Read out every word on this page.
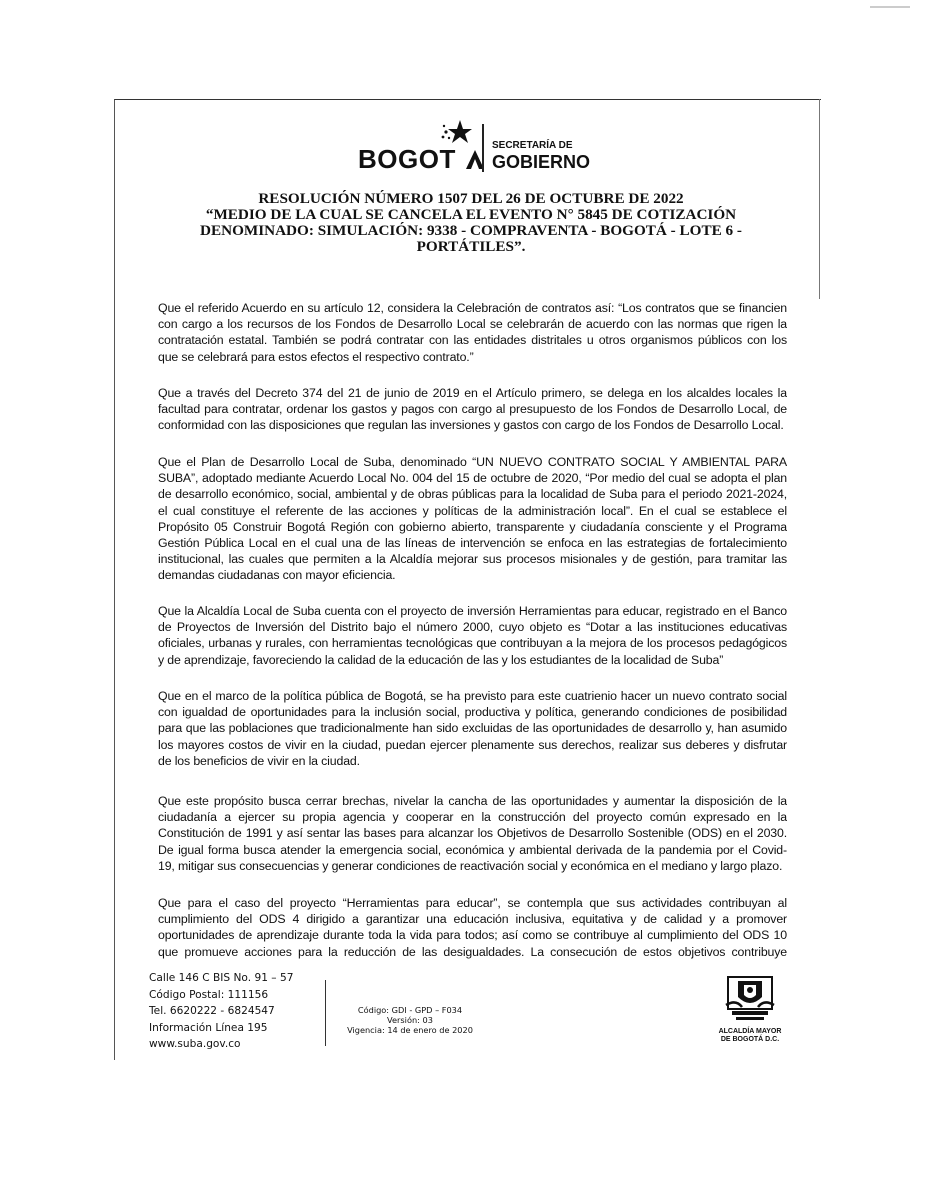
BOGOT	SECRETARÍA DE
GOBIERNO
RESOLUCIÓN NÚMERO 1507 DEL 26 DE OCTUBRE DE 2022
“MEDIO DE LA CUAL SE CANCELA EL EVENTO N° 5845 DE COTIZACIÓN
DENOMINADO: SIMULACIÓN: 9338 - COMPRAVENTA - BOGOTÁ - LOTE 6 -
PORTÁTILES”.
Que el referido Acuerdo en su artículo 12, considera la Celebración de contratos así: “Los contratos que se financien
con cargo a los recursos de los Fondos de Desarrollo Local se celebrarán de acuerdo con las normas que rigen la
contratación estatal. También se podrá contratar con las entidades distritales u otros organismos públicos con los
que se celebrará para estos efectos el respectivo contrato.”
Que a través del Decreto 374 del 21 de junio de 2019 en el Artículo primero, se delega en los alcaldes locales la
facultad para contratar, ordenar los gastos y pagos con cargo al presupuesto de los Fondos de Desarrollo Local, de
conformidad con las disposiciones que regulan las inversiones y gastos con cargo de los Fondos de Desarrollo Local.
Que el Plan de Desarrollo Local de Suba, denominado “UN NUEVO CONTRATO SOCIAL Y AMBIENTAL PARA
SUBA”, adoptado mediante Acuerdo Local No. 004 del 15 de octubre de 2020, “Por medio del cual se adopta el plan
de desarrollo económico, social, ambiental y de obras públicas para la localidad de Suba para el periodo 2021-2024,
el cual constituye el referente de las acciones y políticas de la administración local”. En el cual se establece el
Propósito 05 Construir Bogotá Región con gobierno abierto, transparente y ciudadanía consciente y el Programa
Gestión Pública Local en el cual una de las líneas de intervención se enfoca en las estrategias de fortalecimiento
institucional, las cuales que permiten a la Alcaldía mejorar sus procesos misionales y de gestión, para tramitar las
demandas ciudadanas con mayor eficiencia.
Que la Alcaldía Local de Suba cuenta con el proyecto de inversión Herramientas para educar, registrado en el Banco
de Proyectos de Inversión del Distrito bajo el número 2000, cuyo objeto es “Dotar a las instituciones educativas
oficiales, urbanas y rurales, con herramientas tecnológicas que contribuyan a la mejora de los procesos pedagógicos
y de aprendizaje, favoreciendo la calidad de la educación de las y los estudiantes de la localidad de Suba”
Que en el marco de la política pública de Bogotá, se ha previsto para este cuatrienio hacer un nuevo contrato social
con igualdad de oportunidades para la inclusión social, productiva y política, generando condiciones de posibilidad
para que las poblaciones que tradicionalmente han sido excluidas de las oportunidades de desarrollo y, han asumido
los mayores costos de vivir en la ciudad, puedan ejercer plenamente sus derechos, realizar sus deberes y disfrutar
de los beneficios de vivir en la ciudad.
Que este propósito busca cerrar brechas, nivelar la cancha de las oportunidades y aumentar la disposición de la
ciudadanía a ejercer su propia agencia y cooperar en la construcción del proyecto común expresado en la
Constitución de 1991 y así sentar las bases para alcanzar los Objetivos de Desarrollo Sostenible (ODS) en el 2030.
De igual forma busca atender la emergencia social, económica y ambiental derivada de la pandemia por el Covid-
19, mitigar sus consecuencias y generar condiciones de reactivación social y económica en el mediano y largo plazo.
Que para el caso del proyecto “Herramientas para educar”, se contempla que sus actividades contribuyan al
cumplimiento del ODS 4 dirigido a garantizar una educación inclusiva, equitativa y de calidad y a promover
oportunidades de aprendizaje durante toda la vida para todos; así como se contribuye al cumplimiento del ODS 10
que promueve acciones para la reducción de las desigualdades. La consecución de estos objetivos contribuye
Calle 146 C BIS No. 91 – 57
Código Postal: 111156
Tel. 6620222 - 6824547
Información Línea 195
www.suba.gov.co
Código: GDI - GPD – F034
Versión: 03
Vigencia: 14 de enero de 2020	ALCALDÍA MAYOR
DE BOGOTÁ D.C.
